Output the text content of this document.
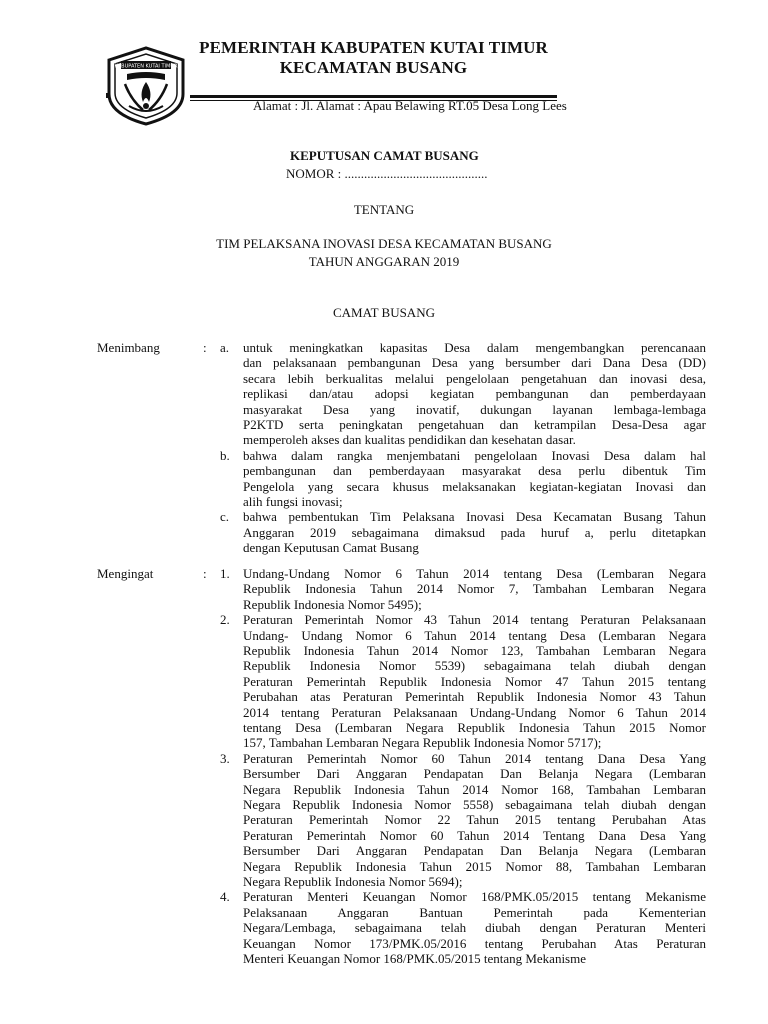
KABUPATEN KUTAI TIMUR
PEMERINTAH KABUPATEN KUTAI TIMUR
KECAMATAN BUSANG
Alamat : Jl. Alamat : Apau Belawing RT.05 Desa Long Lees
KEPUTUSAN CAMAT BUSANG
NOMOR : ............................................
TENTANG
TIM PELAKSANA INOVASI DESA KECAMATAN BUSANG
TAHUN ANGGARAN 2019
CAMAT BUSANG
Menimbang	: a. untuk meningkatkan kapasitas Desa dalam mengembangkan perencanaan
dan pelaksanaan pembangunan Desa yang bersumber dari Dana Desa (DD)
secara lebih berkualitas melalui pengelolaan pengetahuan dan inovasi desa,
replikasi dan/atau adopsi kegiatan pembangunan dan pemberdayaan
masyarakat Desa yang inovatif, dukungan layanan lembaga-lembaga
P2KTD serta peningkatan pengetahuan dan ketrampilan Desa-Desa agar
memperoleh akses dan kualitas pendidikan dan kesehatan dasar.
b. bahwa dalam rangka menjembatani pengelolaan Inovasi Desa dalam hal
pembangunan dan pemberdayaan masyarakat desa perlu dibentuk Tim
Pengelola yang secara khusus melaksanakan kegiatan-kegiatan Inovasi dan
alih fungsi inovasi;
c. bahwa pembentukan Tim Pelaksana Inovasi Desa Kecamatan Busang Tahun
Anggaran 2019 sebagaimana dimaksud pada huruf a, perlu ditetapkan
dengan Keputusan Camat Busang
Mengingat	: 1. Undang-Undang Nomor 6 Tahun 2014 tentang Desa (Lembaran Negara
Republik Indonesia Tahun 2014 Nomor 7, Tambahan Lembaran Negara
Republik Indonesia Nomor 5495);
2. Peraturan Pemerintah Nomor 43 Tahun 2014 tentang Peraturan Pelaksanaan
Undang- Undang Nomor 6 Tahun 2014 tentang Desa (Lembaran Negara
Republik Indonesia Tahun 2014 Nomor 123, Tambahan Lembaran Negara
Republik Indonesia Nomor 5539) sebagaimana telah diubah dengan
Peraturan Pemerintah Republik Indonesia Nomor 47 Tahun 2015 tentang
Perubahan atas Peraturan Pemerintah Republik Indonesia Nomor 43 Tahun
2014 tentang Peraturan Pelaksanaan Undang-Undang Nomor 6 Tahun 2014
tentang Desa (Lembaran Negara Republik Indonesia Tahun 2015 Nomor
157, Tambahan Lembaran Negara Republik Indonesia Nomor 5717);
3. Peraturan Pemerintah Nomor 60 Tahun 2014 tentang Dana Desa Yang
Bersumber Dari Anggaran Pendapatan Dan Belanja Negara (Lembaran
Negara Republik Indonesia Tahun 2014 Nomor 168, Tambahan Lembaran
Negara Republik Indonesia Nomor 5558) sebagaimana telah diubah dengan
Peraturan Pemerintah Nomor 22 Tahun 2015 tentang Perubahan Atas
Peraturan Pemerintah Nomor 60 Tahun 2014 Tentang Dana Desa Yang
Bersumber Dari Anggaran Pendapatan Dan Belanja Negara (Lembaran
Negara Republik Indonesia Tahun 2015 Nomor 88, Tambahan Lembaran
Negara Republik Indonesia Nomor 5694);
4. Peraturan Menteri Keuangan Nomor 168/PMK.05/2015 tentang Mekanisme
Pelaksanaan Anggaran Bantuan Pemerintah pada Kementerian
Negara/Lembaga, sebagaimana telah diubah dengan Peraturan Menteri
Keuangan Nomor 173/PMK.05/2016 tentang Perubahan Atas Peraturan
Menteri Keuangan Nomor 168/PMK.05/2015 tentang Mekanisme
